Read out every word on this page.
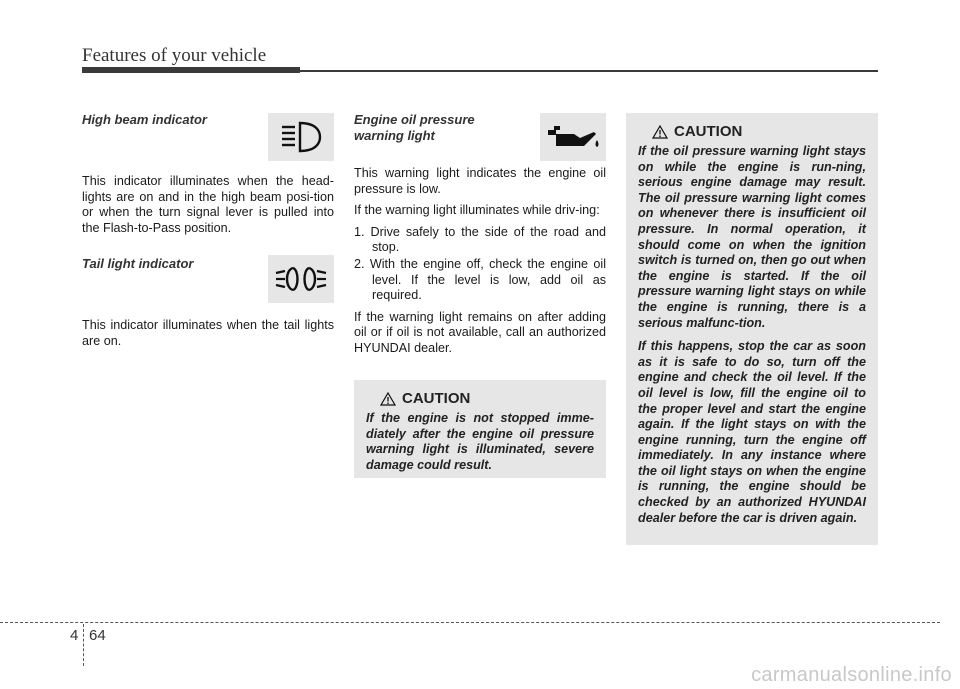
Features of your vehicle
High beam indicator

This indicator illuminates when the head-lights are on and in the high beam posi-tion or when the turn signal lever is pulled into the Flash-to-Pass position.

Tail light indicator

This indicator illuminates when the tail lights are on.

Engine oil pressure
warning light

This warning light indicates the engine oil pressure is low.

If the warning light illuminates while driv-ing:

1. Drive safely to the side of the road and stop.
2. With the engine off, check the engine oil level. If the level is low, add oil as required.

If the warning light remains on after adding oil or if oil is not available, call an authorized HYUNDAI dealer.

CAUTION

If the engine is not stopped imme-diately after the engine oil pressure warning light is illuminated, severe damage could result.

CAUTION

If the oil pressure warning light stays on while the engine is run-ning, serious engine damage may result. The oil pressure warning light comes on whenever there is insufficient oil pressure. In normal operation, it should come on when the ignition switch is turned on, then go out when the engine is started. If the oil pressure warning light stays on while the engine is running, there is a serious malfunc-tion.

If this happens, stop the car as soon as it is safe to do so, turn off the engine and check the oil level. If the oil level is low, fill the engine oil to the proper level and start the engine again. If the light stays on with the engine running, turn the engine off immediately. In any instance where the oil light stays on when the engine is running, the engine should be checked by an authorized HYUNDAI dealer before the car is driven again.

4 64
carmanualsonline.info
